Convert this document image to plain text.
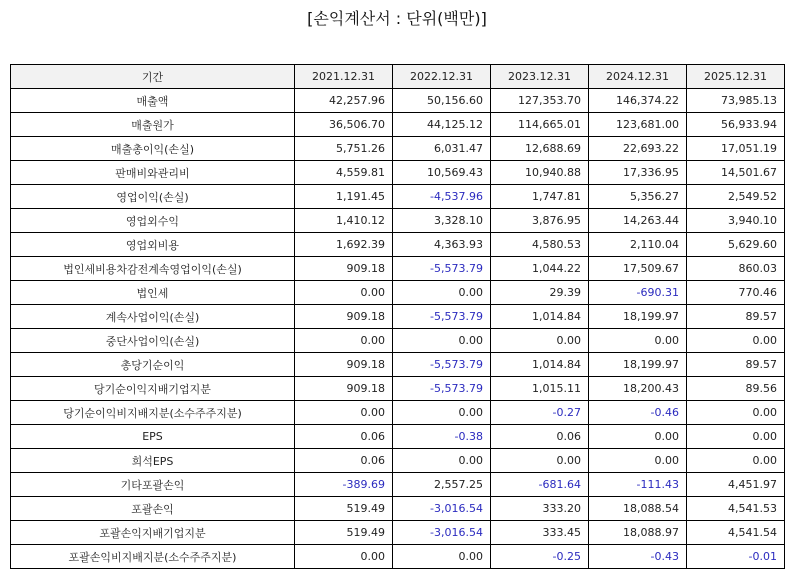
[손익계산서 : 단위(백만)]
기간	2021.12.31	2022.12.31	2023.12.31	2024.12.31	2025.12.31
매출액	42,257.96	50,156.60	127,353.70	146,374.22	73,985.13
매출원가	36,506.70	44,125.12	114,665.01	123,681.00	56,933.94
매출총이익(손실)	5,751.26	6,031.47	12,688.69	22,693.22	17,051.19
판매비와관리비	4,559.81	10,569.43	10,940.88	17,336.95	14,501.67
영업이익(손실)	1,191.45	-4,537.96	1,747.81	5,356.27	2,549.52
영업외수익	1,410.12	3,328.10	3,876.95	14,263.44	3,940.10
영업외비용	1,692.39	4,363.93	4,580.53	2,110.04	5,629.60
법인세비용차감전계속영업이익(손실)	909.18	-5,573.79	1,044.22	17,509.67	860.03
법인세	0.00	0.00	29.39	-690.31	770.46
계속사업이익(손실)	909.18	-5,573.79	1,014.84	18,199.97	89.57
중단사업이익(손실)	0.00	0.00	0.00	0.00	0.00
총당기순이익	909.18	-5,573.79	1,014.84	18,199.97	89.57
당기순이익지배기업지분	909.18	-5,573.79	1,015.11	18,200.43	89.56
당기순이익비지배지분(소수주주지분)	0.00	0.00	-0.27	-0.46	0.00
EPS	0.06	-0.38	0.06	0.00	0.00
희석EPS	0.06	0.00	0.00	0.00	0.00
기타포괄손익	-389.69	2,557.25	-681.64	-111.43	4,451.97
포괄손익	519.49	-3,016.54	333.20	18,088.54	4,541.53
포괄손익지배기업지분	519.49	-3,016.54	333.45	18,088.97	4,541.54
포괄손익비지배지분(소수주주지분)	0.00	0.00	-0.25	-0.43	-0.01
